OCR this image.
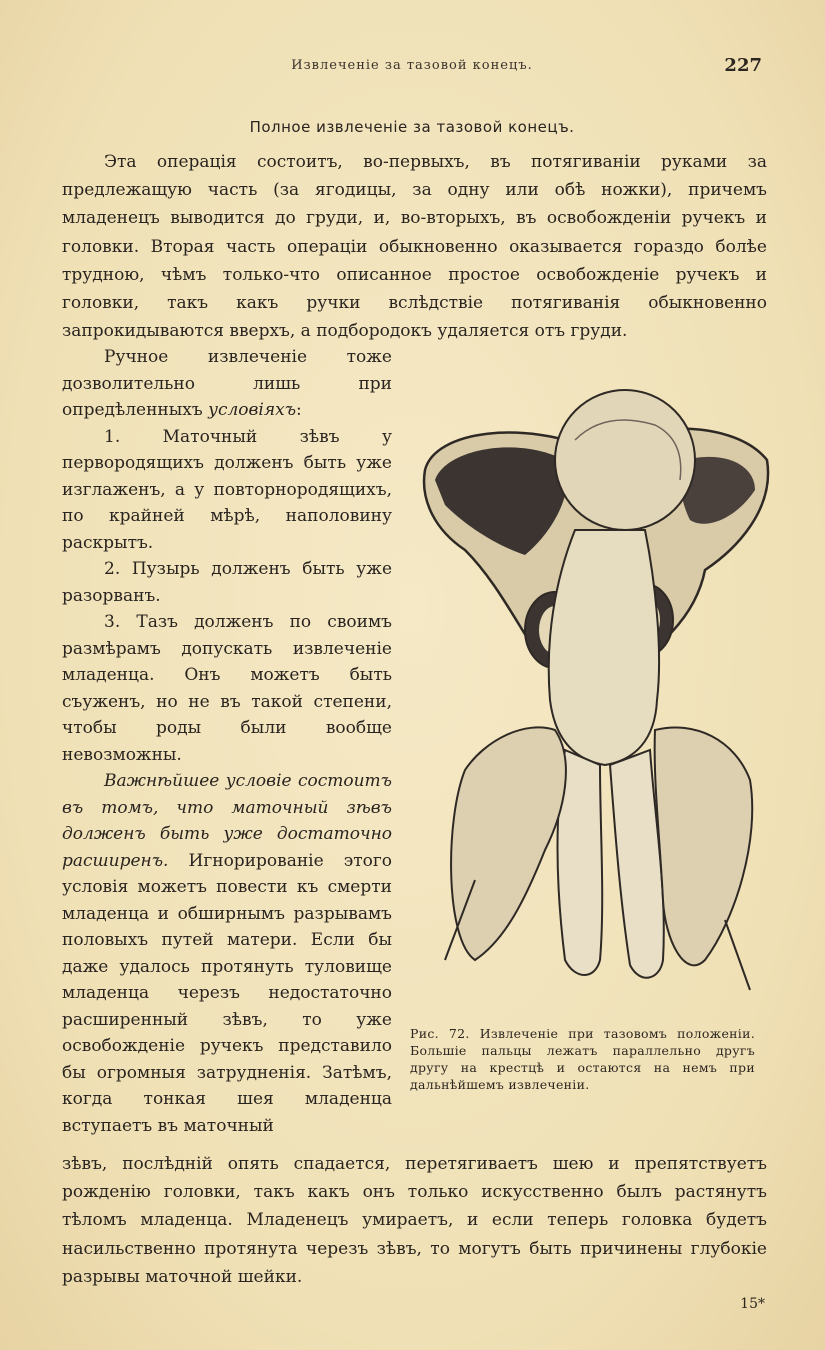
Извлеченіе за тазовой конецъ.	227
Полное извлеченіе за тазовой конецъ.

Эта операція состоитъ, во-первыхъ, въ потягиваніи руками за предлежащую часть (за ягодицы, за одну или обѣ ножки), причемъ младенецъ выводится до груди, и, во-вторыхъ, въ освобожденіи ручекъ и головки. Вторая часть операціи обыкновенно оказывается гораздо болѣе трудною, чѣмъ только-что описанное простое освобожденіе ручекъ и головки, такъ какъ ручки вслѣдствіе потягиванія обыкновенно запрокидываются вверхъ, а подбородокъ удаляется отъ груди.

Ручное извлеченіе тоже дозволительно лишь при опредѣленныхъ условіяхъ:

1. Маточный зѣвъ у первородящихъ долженъ быть уже изглаженъ, а у повторнородящихъ, по крайней мѣрѣ, наполовину раскрытъ.

2. Пузырь долженъ быть уже разорванъ.

3. Тазъ долженъ по своимъ размѣрамъ допускать извлеченіе младенца. Онъ можетъ быть съуженъ, но не въ такой степени, чтобы роды были вообще невозможны.

Важнѣйшее условіе состоитъ въ томъ, что маточный зѣвъ долженъ быть уже достаточно расширенъ. Игнорированіе этого условія можетъ повести къ смерти младенца и обширнымъ разрывамъ половыхъ путей матери. Если бы даже удалось протянуть туловище младенца черезъ недостаточно расширенный зѣвъ, то уже освобожденіе ручекъ представило бы огромныя затрудненія. Затѣмъ, когда тонкая шея младенца вступаетъ въ маточный

Рис. 72. Извлеченіе при тазовомъ положеніи. Большіе пальцы лежатъ параллельно другъ другу на крестцѣ и остаются на немъ при дальнѣйшемъ извлеченіи.

зѣвъ, послѣдній опять спадается, перетягиваетъ шею и препятствуетъ рожденію головки, такъ какъ онъ только искусственно былъ растянутъ тѣломъ младенца. Младенецъ умираетъ, и если теперь головка будетъ насильственно протянута черезъ зѣвъ, то могутъ быть причинены глубокіе разрывы маточной шейки.

15*
